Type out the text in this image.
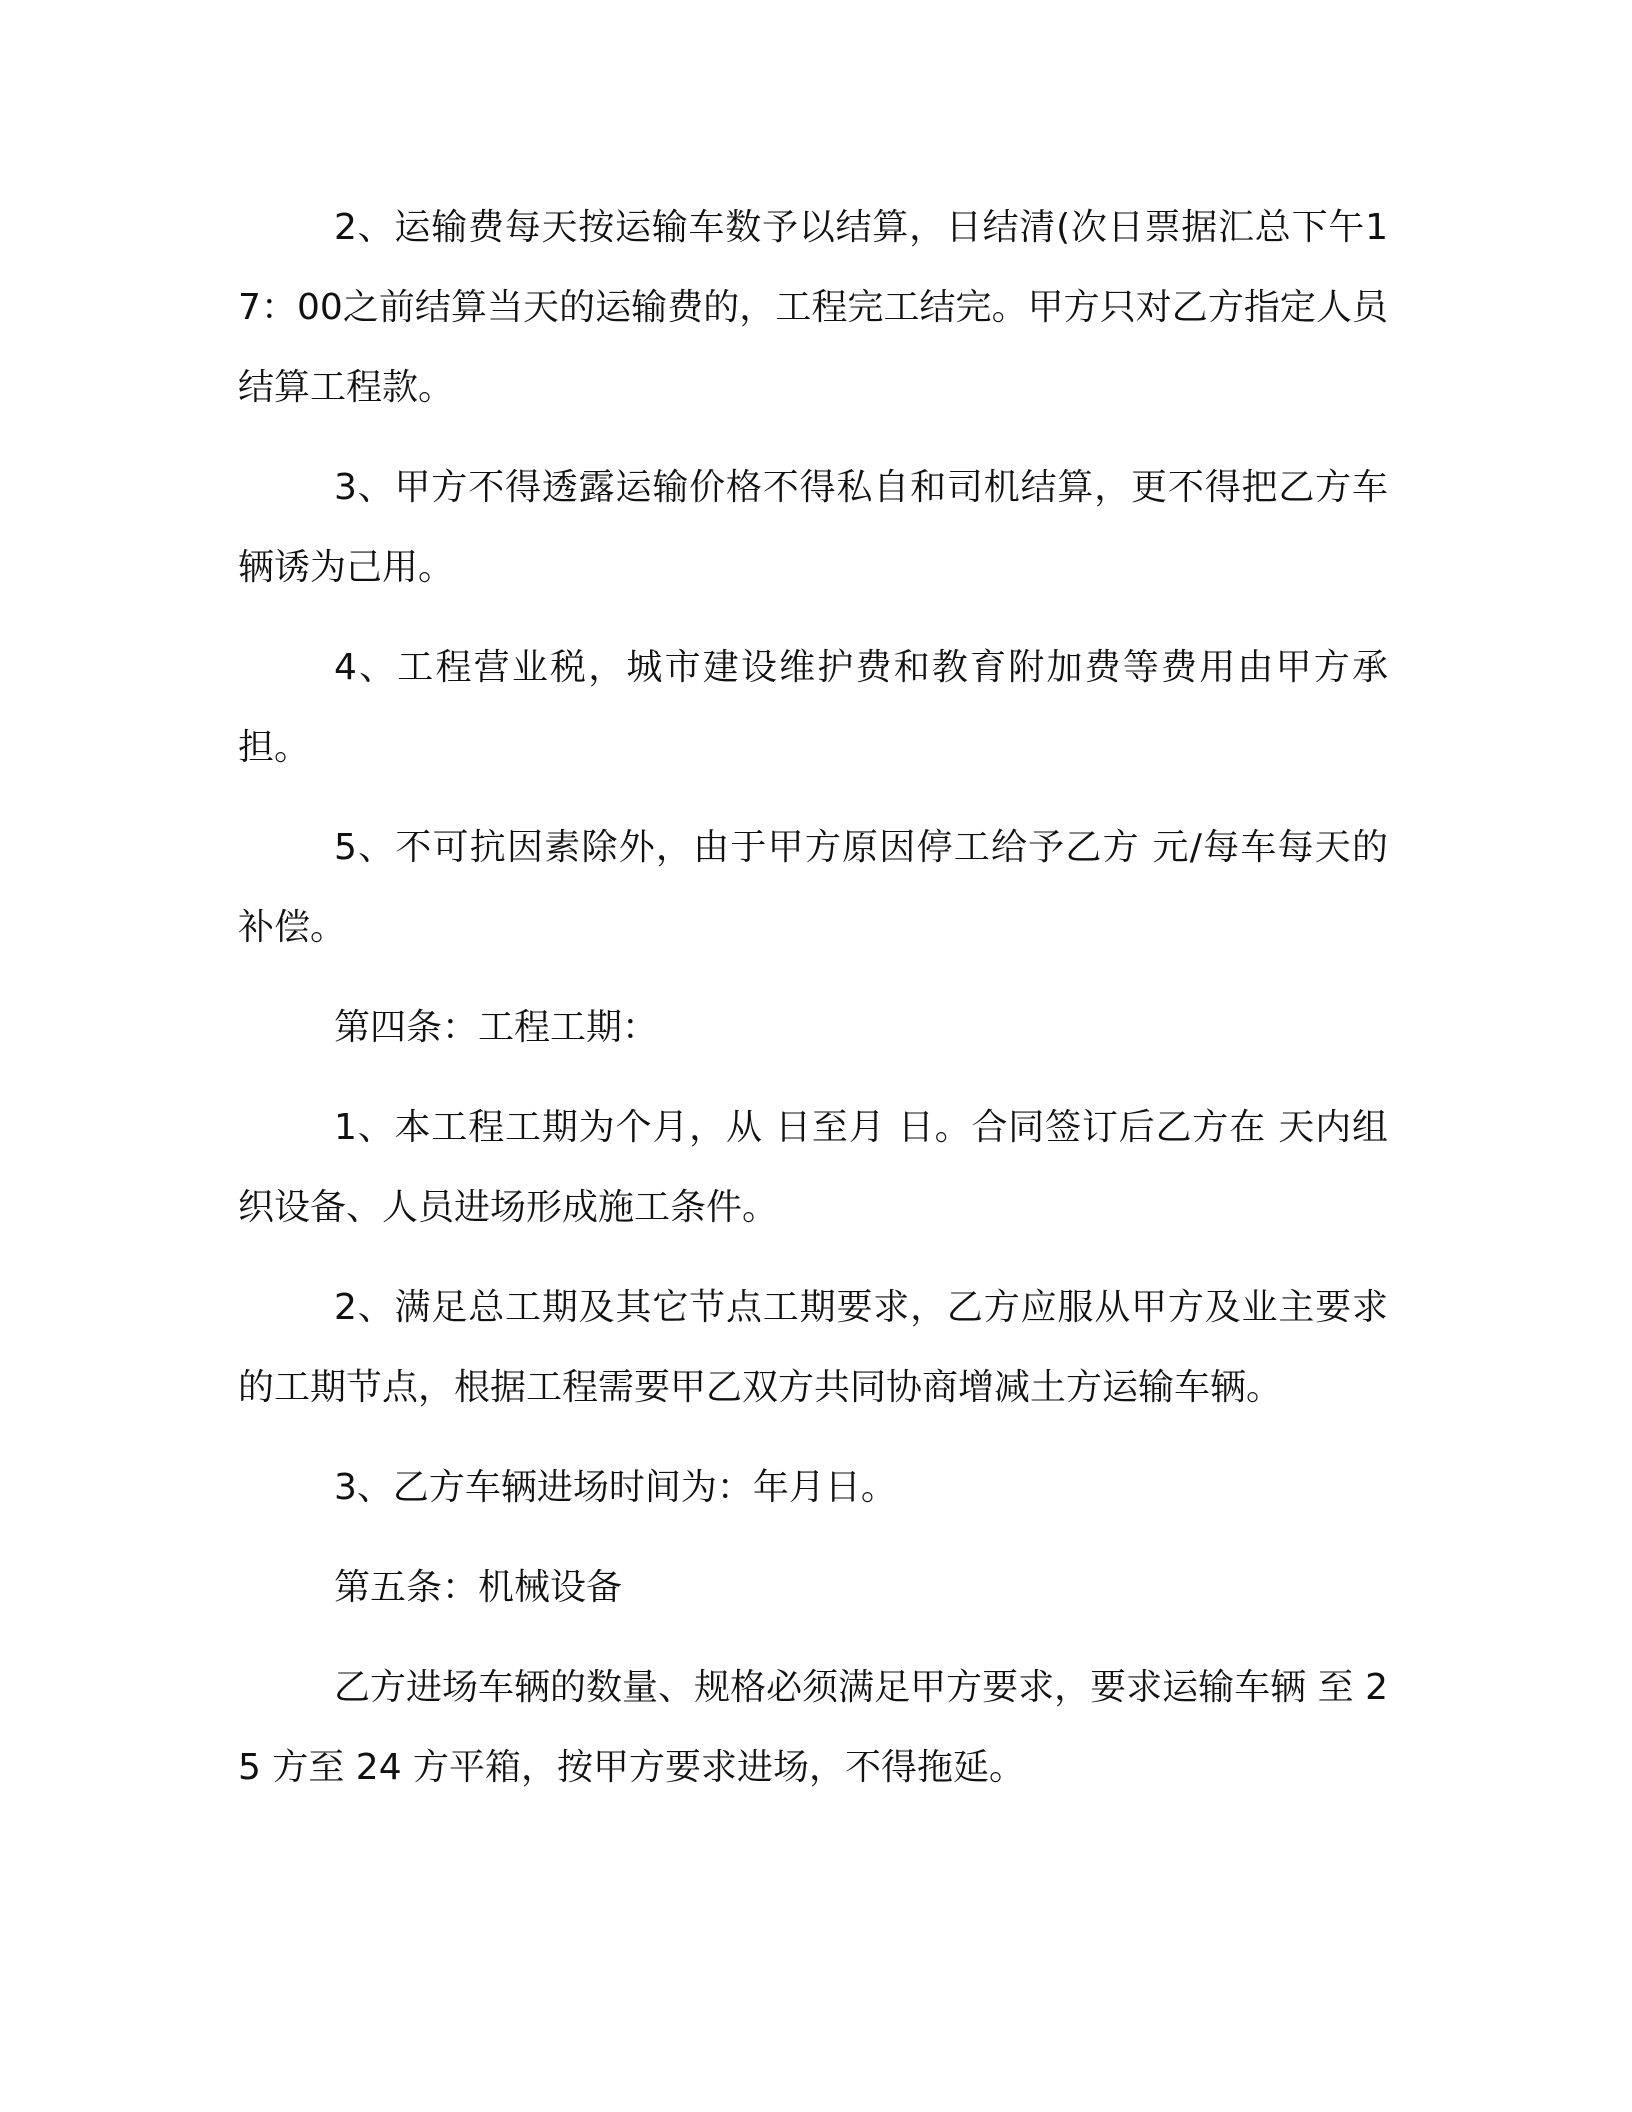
2、运输费每天按运输车数予以结算，日结清(次日票据汇总下午17：00之前结算当天的运输费的，工程完工结完。甲方只对乙方指定人员结算工程款。

3、甲方不得透露运输价格不得私自和司机结算，更不得把乙方车辆诱为己用。

4、工程营业税，城市建设维护费和教育附加费等费用由甲方承担。

5、不可抗因素除外，由于甲方原因停工给予乙方 元/每车每天的补偿。

第四条：工程工期：

1、本工程工期为个月，从 日至月 日。合同签订后乙方在 天内组织设备、人员进场形成施工条件。

2、满足总工期及其它节点工期要求，乙方应服从甲方及业主要求的工期节点，根据工程需要甲乙双方共同协商增减土方运输车辆。

3、乙方车辆进场时间为：年月日。

第五条：机械设备

乙方进场车辆的数量、规格必须满足甲方要求，要求运输车辆 至 25 方至 24 方平箱，按甲方要求进场，不得拖延。
